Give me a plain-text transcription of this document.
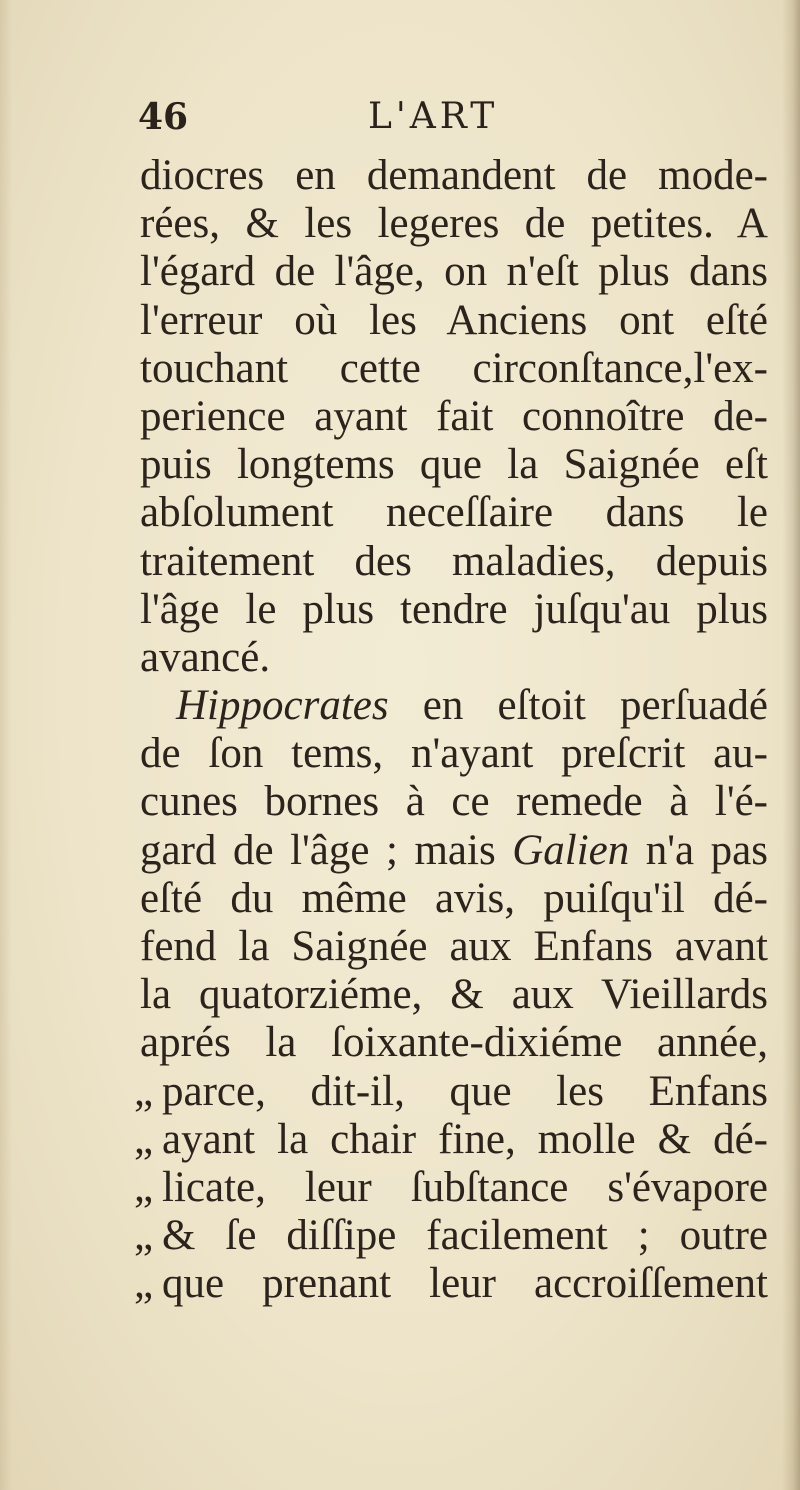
46	L'ART
diocres en demandent de mode-
rées, & les legeres de petites. A
l'égard de l'âge, on n'eſt plus dans
l'erreur où les Anciens ont eſté
touchant cette circonſtance,l'ex-
perience ayant fait connoître de-
puis longtems que la Saignée eſt
abſolument neceſſaire dans le
traitement des maladies, depuis
l'âge le plus tendre juſqu'au plus
avancé.
Hippocrates en eſtoit perſuadé
de ſon tems, n'ayant preſcrit au-
cunes bornes à ce remede à l'é-
gard de l'âge ; mais Galien n'a pas
eſté du même avis, puiſqu'il dé-
fend la Saignée aux Enfans avant
la quatorziéme, & aux Vieillards
aprés la ſoixante-dixiéme année,
„ parce, dit-il, que les Enfans
„ ayant la chair fine, molle & dé-
„ licate, leur ſubſtance s'évapore
„ & ſe diſſipe facilement ; outre
„ que prenant leur accroiſſement
